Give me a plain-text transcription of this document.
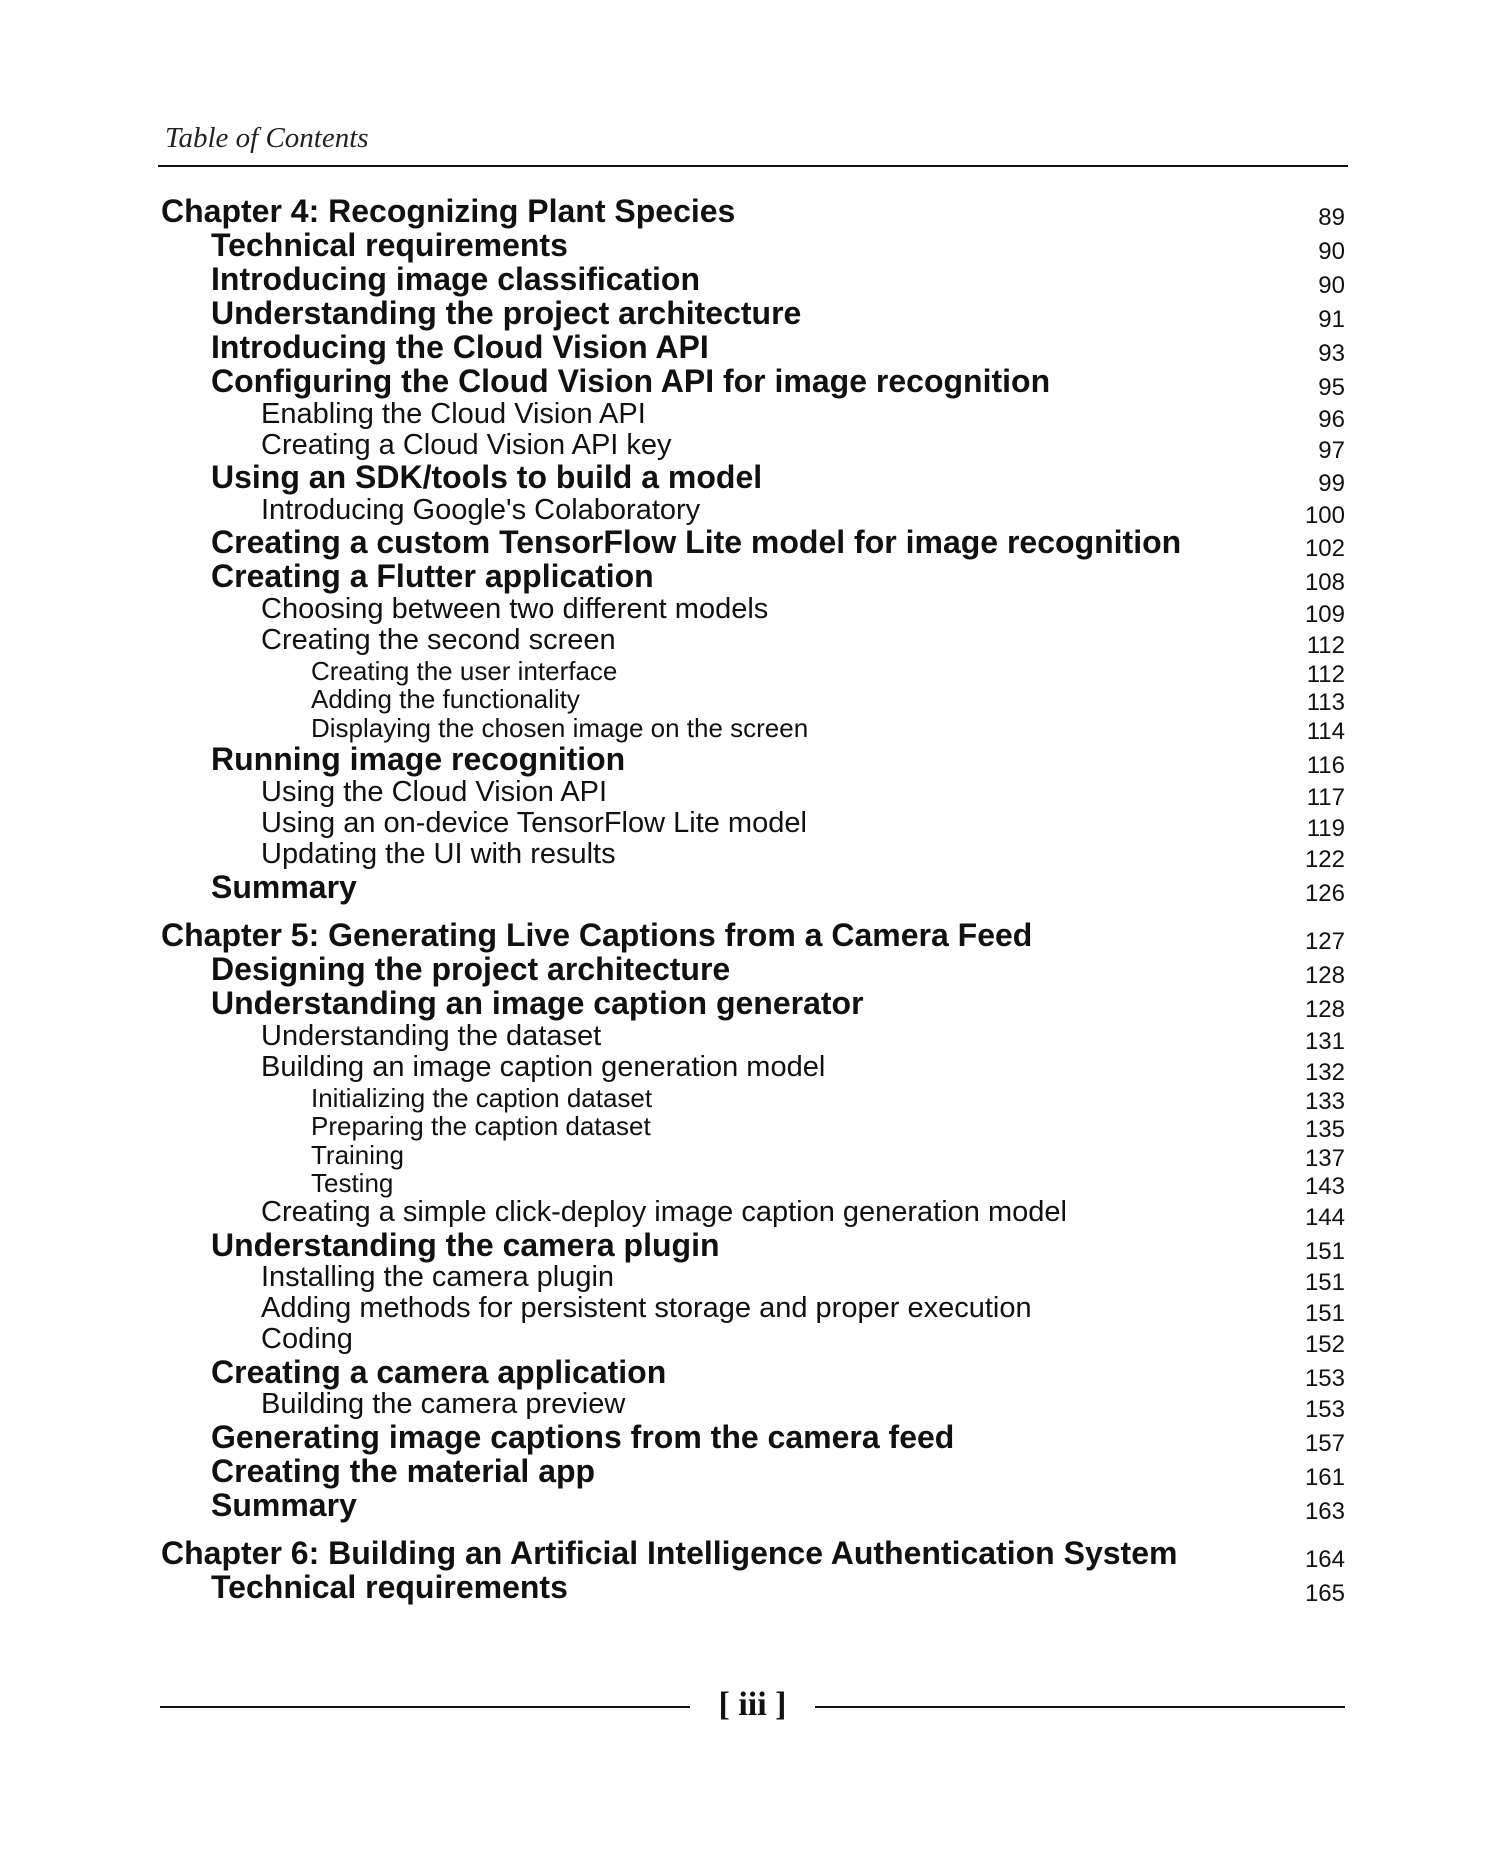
Table of Contents
Chapter 4: Recognizing Plant Species	89
Technical requirements	90
Introducing image classification	90
Understanding the project architecture	91
Introducing the Cloud Vision API	93
Configuring the Cloud Vision API for image recognition	95
Enabling the Cloud Vision API	96
Creating a Cloud Vision API key	97
Using an SDK/tools to build a model	99
Introducing Google's Colaboratory	100
Creating a custom TensorFlow Lite model for image recognition	102
Creating a Flutter application	108
Choosing between two different models	109
Creating the second screen	112
Creating the user interface	112
Adding the functionality	113
Displaying the chosen image on the screen	114
Running image recognition	116
Using the Cloud Vision API	117
Using an on-device TensorFlow Lite model	119
Updating the UI with results	122
Summary	126
Chapter 5: Generating Live Captions from a Camera Feed	127
Designing the project architecture	128
Understanding an image caption generator	128
Understanding the dataset	131
Building an image caption generation model	132
Initializing the caption dataset	133
Preparing the caption dataset	135
Training	137
Testing	143
Creating a simple click-deploy image caption generation model	144
Understanding the camera plugin	151
Installing the camera plugin	151
Adding methods for persistent storage and proper execution	151
Coding	152
Creating a camera application	153
Building the camera preview	153
Generating image captions from the camera feed	157
Creating the material app	161
Summary	163
Chapter 6: Building an Artificial Intelligence Authentication System	164
Technical requirements	165
[ iii ]
